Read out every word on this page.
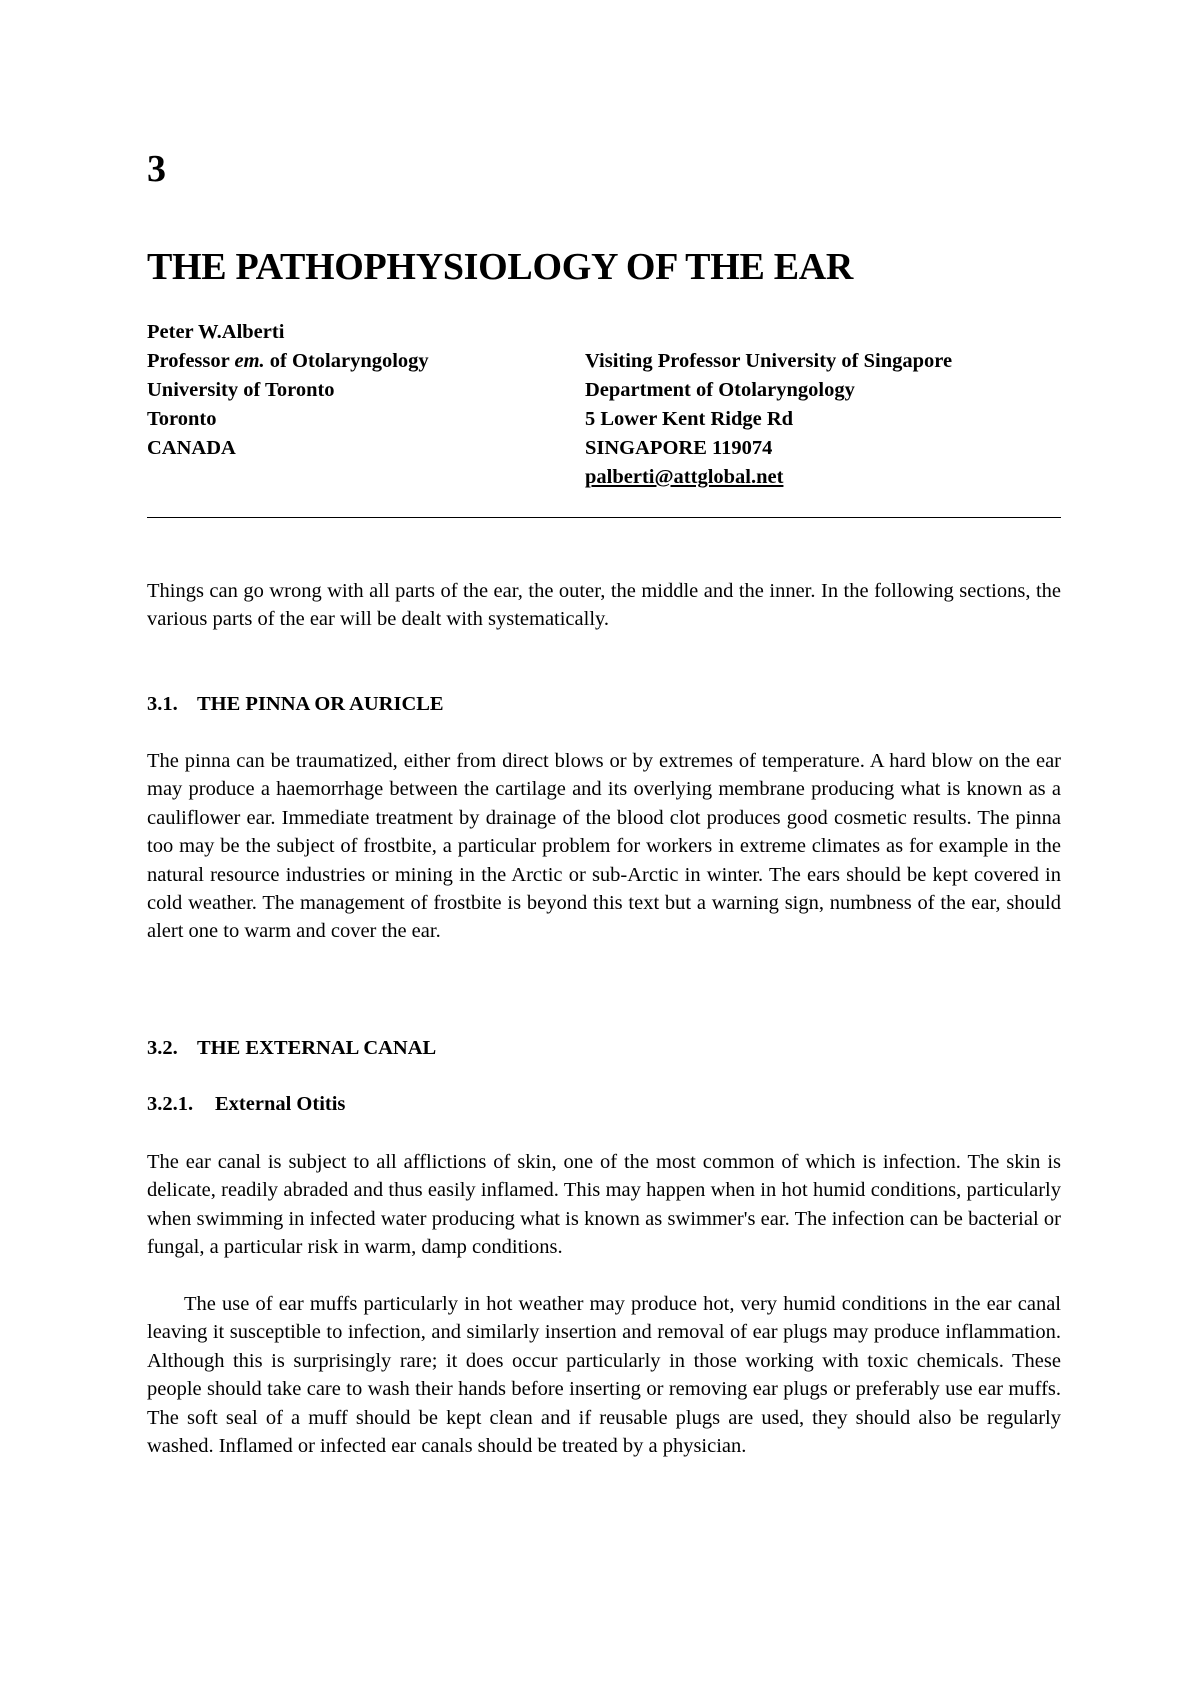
3
THE PATHOPHYSIOLOGY OF THE EAR
Peter W.Alberti
Professor em. of Otolaryngology
University of Toronto
Toronto
CANADA
Visiting Professor University of Singapore
Department of Otolaryngology
5 Lower Kent Ridge Rd
SINGAPORE 119074
palberti@attglobal.net

Things can go wrong with all parts of the ear, the outer, the middle and the inner. In the following sections, the various parts of the ear will be dealt with systematically.

3.1. THE PINNA OR AURICLE

The pinna can be traumatized, either from direct blows or by extremes of temperature. A hard blow on the ear may produce a haemorrhage between the cartilage and its overlying membrane producing what is known as a cauliflower ear. Immediate treatment by drainage of the blood clot produces good cosmetic results. The pinna too may be the subject of frostbite, a particular problem for workers in extreme climates as for example in the natural resource industries or mining in the Arctic or sub-Arctic in winter. The ears should be kept covered in cold weather. The management of frostbite is beyond this text but a warning sign, numbness of the ear, should alert one to warm and cover the ear.

3.2. THE EXTERNAL CANAL
3.2.1. External Otitis

The ear canal is subject to all afflictions of skin, one of the most common of which is infection. The skin is delicate, readily abraded and thus easily inflamed. This may happen when in hot humid conditions, particularly when swimming in infected water producing what is known as swimmer's ear. The infection can be bacterial or fungal, a particular risk in warm, damp conditions.

The use of ear muffs particularly in hot weather may produce hot, very humid conditions in the ear canal leaving it susceptible to infection, and similarly insertion and removal of ear plugs may produce inflammation. Although this is surprisingly rare; it does occur particularly in those working with toxic chemicals. These people should take care to wash their hands before inserting or removing ear plugs or preferably use ear muffs. The soft seal of a muff should be kept clean and if reusable plugs are used, they should also be regularly washed. Inflamed or infected ear canals should be treated by a physician.
